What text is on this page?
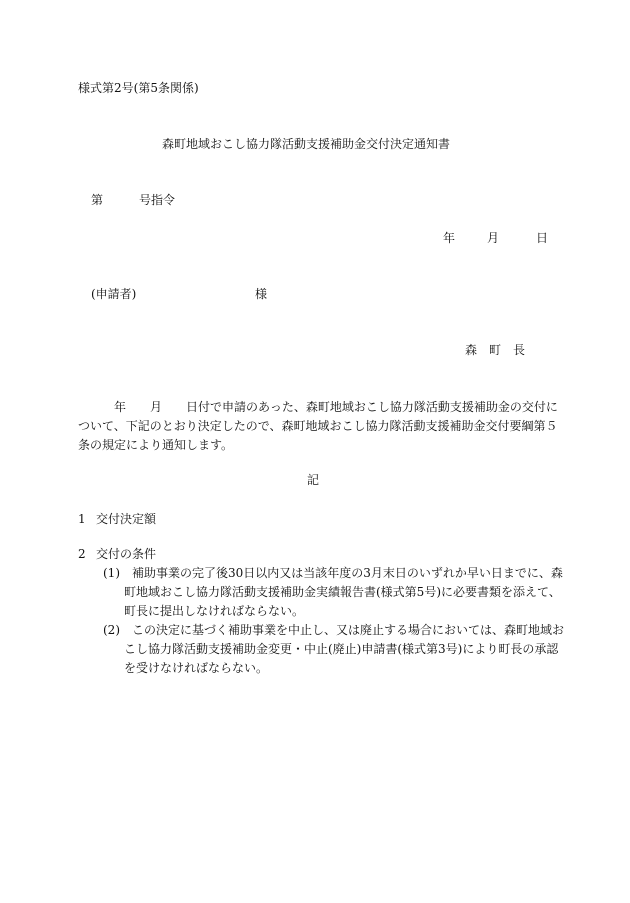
様式第2号(第5条関係)
森町地域おこし協力隊活動支援補助金交付決定通知書
第　　　号指令
年	月	日
(申請者)	様
森　町　長
年　　月　　日付で申請のあった、森町地域おこし協力隊活動支援補助金の交付に
ついて、下記のとおり決定したので、森町地域おこし協力隊活動支援補助金交付要綱第５
条の規定により通知します。
記
1 交付決定額
2 交付の条件
(1) 補助事業の完了後30日以内又は当該年度の3月末日のいずれか早い日までに、森
町地域おこし協力隊活動支援補助金実績報告書(様式第5号)に必要書類を添えて、
町長に提出しなければならない。
(2) この決定に基づく補助事業を中止し、又は廃止する場合においては、森町地域お
こし協力隊活動支援補助金変更・中止(廃止)申請書(様式第3号)により町長の承認
を受けなければならない。
